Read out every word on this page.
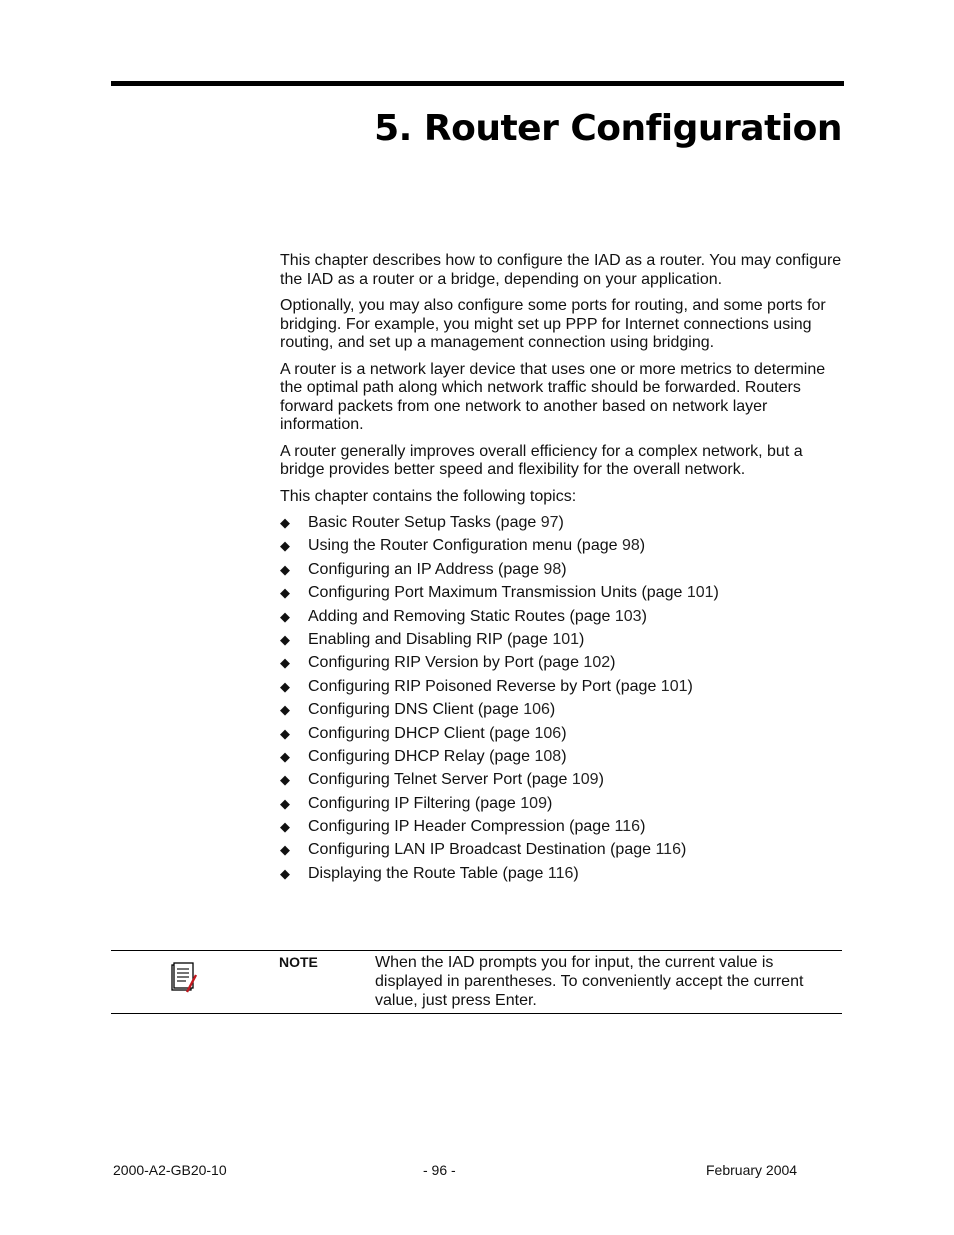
5. Router Configuration

This chapter describes how to configure the IAD as a router. You may configure the IAD as a router or a bridge, depending on your application.

Optionally, you may also configure some ports for routing, and some ports for bridging. For example, you might set up PPP for Internet connections using routing, and set up a management connection using bridging.

A router is a network layer device that uses one or more metrics to determine the optimal path along which network traffic should be forwarded. Routers forward packets from one network to another based on network layer information.

A router generally improves overall efficiency for a complex network, but a bridge provides better speed and flexibility for the overall network.

This chapter contains the following topics:

◆ Basic Router Setup Tasks (page 97)
◆ Using the Router Configuration menu (page 98)
◆ Configuring an IP Address (page 98)
◆ Configuring Port Maximum Transmission Units (page 101)
◆ Adding and Removing Static Routes (page 103)
◆ Enabling and Disabling RIP (page 101)
◆ Configuring RIP Version by Port (page 102)
◆ Configuring RIP Poisoned Reverse by Port (page 101)
◆ Configuring DNS Client (page 106)
◆ Configuring DHCP Client (page 106)
◆ Configuring DHCP Relay (page 108)
◆ Configuring Telnet Server Port (page 109)
◆ Configuring IP Filtering (page 109)
◆ Configuring IP Header Compression (page 116)
◆ Configuring LAN IP Broadcast Destination (page 116)
◆ Displaying the Route Table (page 116)
NOTE	When the IAD prompts you for input, the current value is displayed in parentheses. To conveniently accept the current value, just press Enter.
2000-A2-GB20-10	- 96 -	February 2004
